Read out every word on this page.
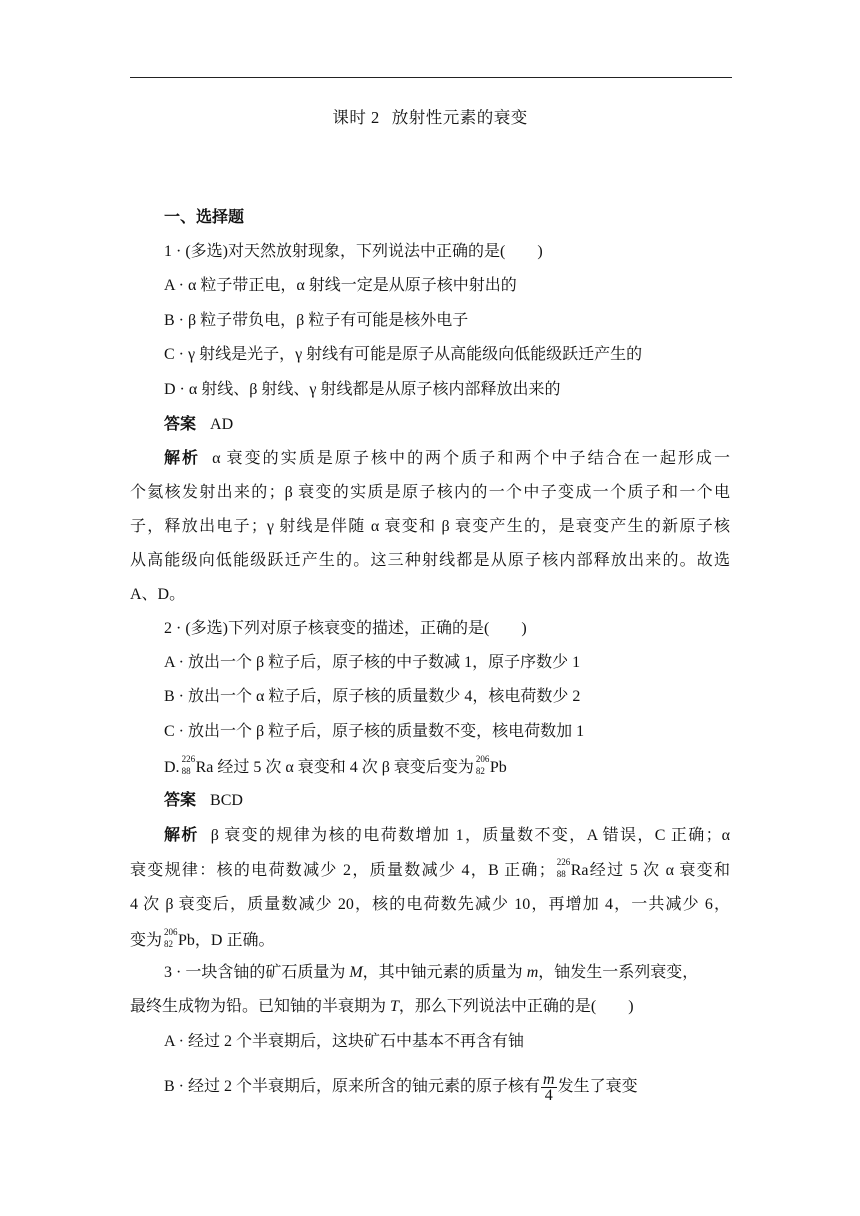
课时 2 放射性元素的衰变
一、选择题
1 · (多选)对天然放射现象，下列说法中正确的是(　　)
A · α 粒子带正电，α 射线一定是从原子核中射出的
B · β 粒子带负电，β 粒子有可能是核外电子
C · γ 射线是光子，γ 射线有可能是原子从高能级向低能级跃迁产生的
D · α 射线、β 射线、γ 射线都是从原子核内部释放出来的
答案 AD
解析 α 衰变的实质是原子核中的两个质子和两个中子结合在一起形成一
个氦核发射出来的；β 衰变的实质是原子核内的一个中子变成一个质子和一个电
子，释放出电子；γ 射线是伴随 α 衰变和 β 衰变产生的，是衰变产生的新原子核
从高能级向低能级跃迁产生的。这三种射线都是从原子核内部释放出来的。故选
A、D。
2 · (多选)下列对原子核衰变的描述，正确的是(　　)
A · 放出一个 β 粒子后，原子核的中子数减 1，原子序数少 1
B · 放出一个 α 粒子后，原子核的质量数少 4，核电荷数少 2
C · 放出一个 β 粒子后，原子核的质量数不变，核电荷数加 1
D. 226
88 Ra 经过 5 次 α 衰变和 4 次 β 衰变后变为 206
82 Pb
答案 BCD
解析 β 衰变的规律为核的电荷数增加 1，质量数不变，A 错误，C 正确；α
衰变规律：核的电荷数减少 2，质量数减少 4，B 正确； 226
88 Ra经过 5 次 α 衰变和
4 次 β 衰变后，质量数减少 20，核的电荷数先减少 10，再增加 4，一共减少 6，
变为 206
82 Pb，D 正确。
3 · 一块含铀的矿石质量为 M，其中铀元素的质量为 m，铀发生一系列衰变，
最终生成物为铅。已知铀的半衰期为 T，那么下列说法中正确的是(　　)
A · 经过 2 个半衰期后，这块矿石中基本不再含有铀
B · 经过 2 个半衰期后，原来所含的铀元素的原子核有 $\frac{m}{4}$ 发生了衰变
